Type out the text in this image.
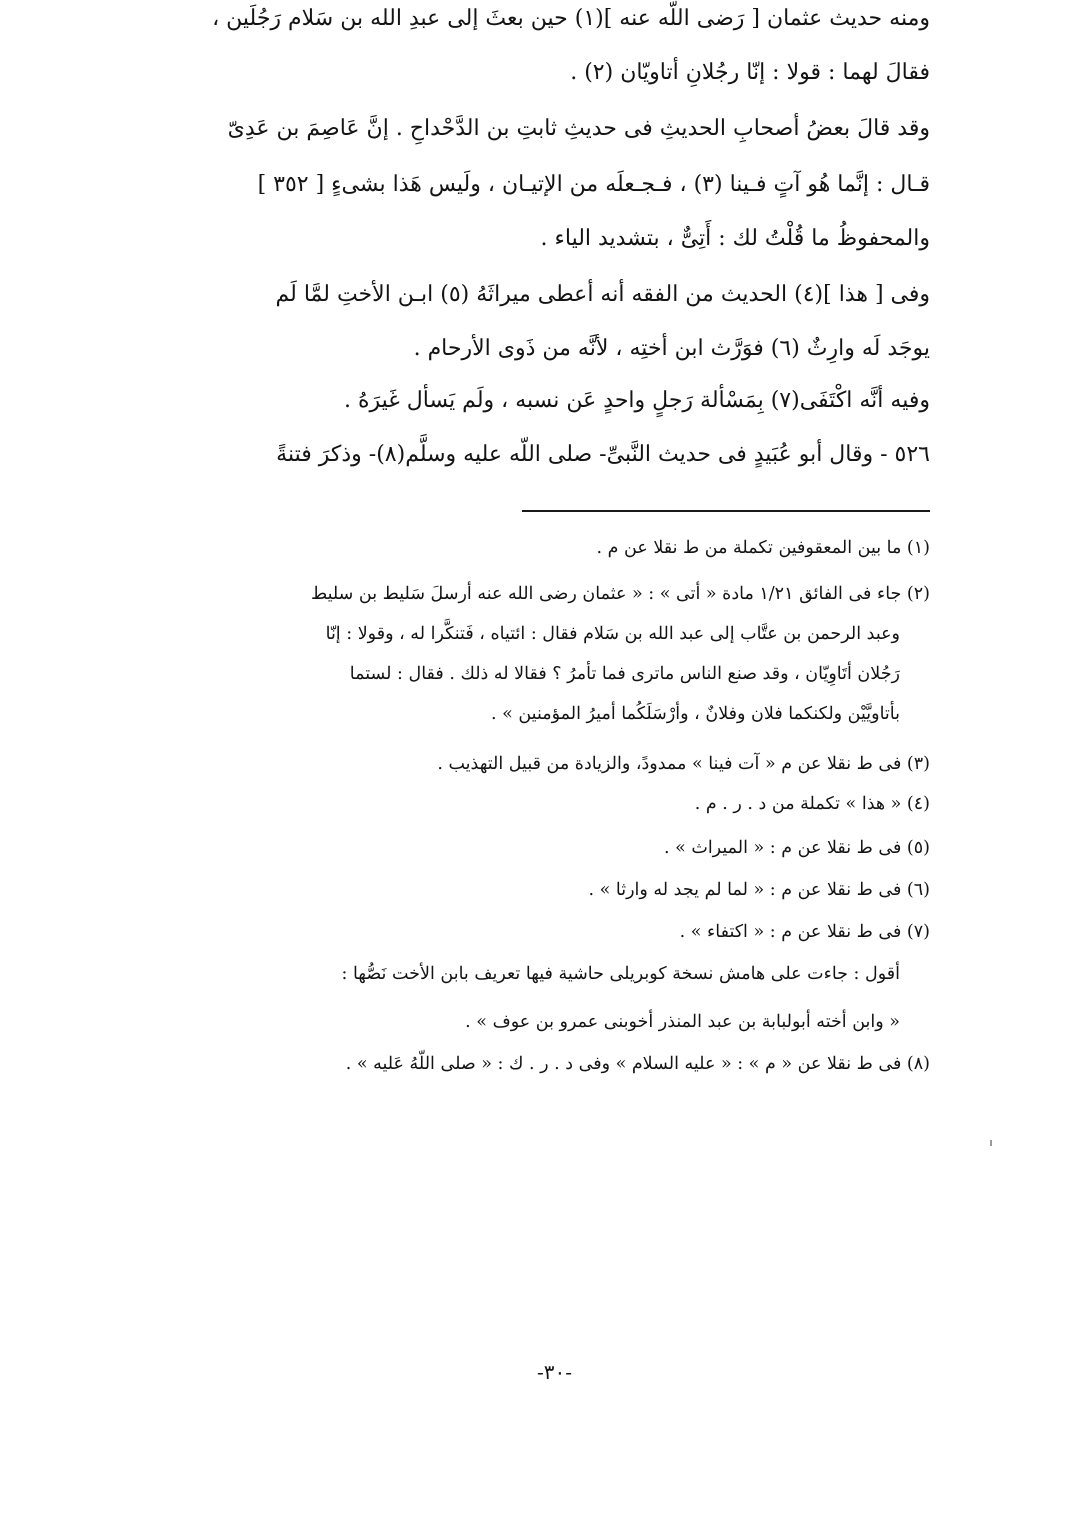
ومنه حديث عثمان [ رَضى اللّه عنه ](١) حين بعثَ إلى عبدِ الله بن سَلام رَجُلَين ،
فقالَ لهما : قولا : إنّا رجُلانِ أتاويّان (٢) .
وقد قالَ بعضُ أصحابِ الحديثِ فى حديثِ ثابتِ بن الدَّحْداحِ . إنَّ عَاصِمَ بن عَدِىّ
قـال : إنَّما هُو آتٍ فـينا (٣) ، فـجـعلَه من الإتيـان ، ولَيس هَذا بشىءٍ [ ٣٥٢ ]
والمحفوظُ ما قُلْتُ لك : أَتِىٌّ ، بتشديد الياء .
وفى [ هذا ](٤) الحديث من الفقه أنه أعطى ميراثَهُ (٥) ابـن الأختِ لمَّا لَم
يوجَد لَه وارِثٌ (٦) فوَرَّث ابن أختِه ، لأنَّه من ذَوى الأرحام .
وفيه أنَّه اكْتَفَى(٧) بِمَسْألة رَجلٍ واحدٍ عَن نسبه ، ولَم يَسأل غَيرَهُ .
٥٢٦ - وقال أبو عُبَيدٍ فى حديث النَّبىِّ- صلى اللّه عليه وسلَّم(٨)- وذكرَ فتنةً
(١) ما بين المعقوفين تكملة من ط نقلا عن م .
(٢) جاء فى الفائق ١/٢١ مادة « أتى » : « عثمان رضى الله عنه أرسلَ سَليط بن سليط
وعبد الرحمن بن عتَّاب إلى عبد الله بن سَلام فقال : ائتياه ، فَتنكَّرا له ، وقولا : إنّا
رَجُلان أتَاوِيّان ، وقد صنع الناس ماترى فما تأمرُ ؟ فقالا له ذلك . فقال : لستما
بأتاويَّيْن ولكنكما فلان وفلانٌ ، وأرْسَلَكُما أميرُ المؤمنين » .
(٣) فى ط نقلا عن م « آت فينا » ممدودً، والزيادة من قبيل التهذيب .
(٤) « هذا » تكملة من د . ر . م .
(٥) فى ط نقلا عن م : « الميراث » .
(٦) فى ط نقلا عن م : « لما لم يجد له وارثا » .
(٧) فى ط نقلا عن م : « اكتفاء » .
أقول : جاءت على هامش نسخة كوبريلى حاشية فيها تعريف بابن الأخت نَصُّها :
« وابن أخته أبولبابة بن عبد المنذر أخوبنى عمرو بن عوف » .
(٨) فى ط نقلا عن « م » : « عليه السلام » وفى د . ر . ك : « صلى اللّهُ عَليه » .
-٣٠-
